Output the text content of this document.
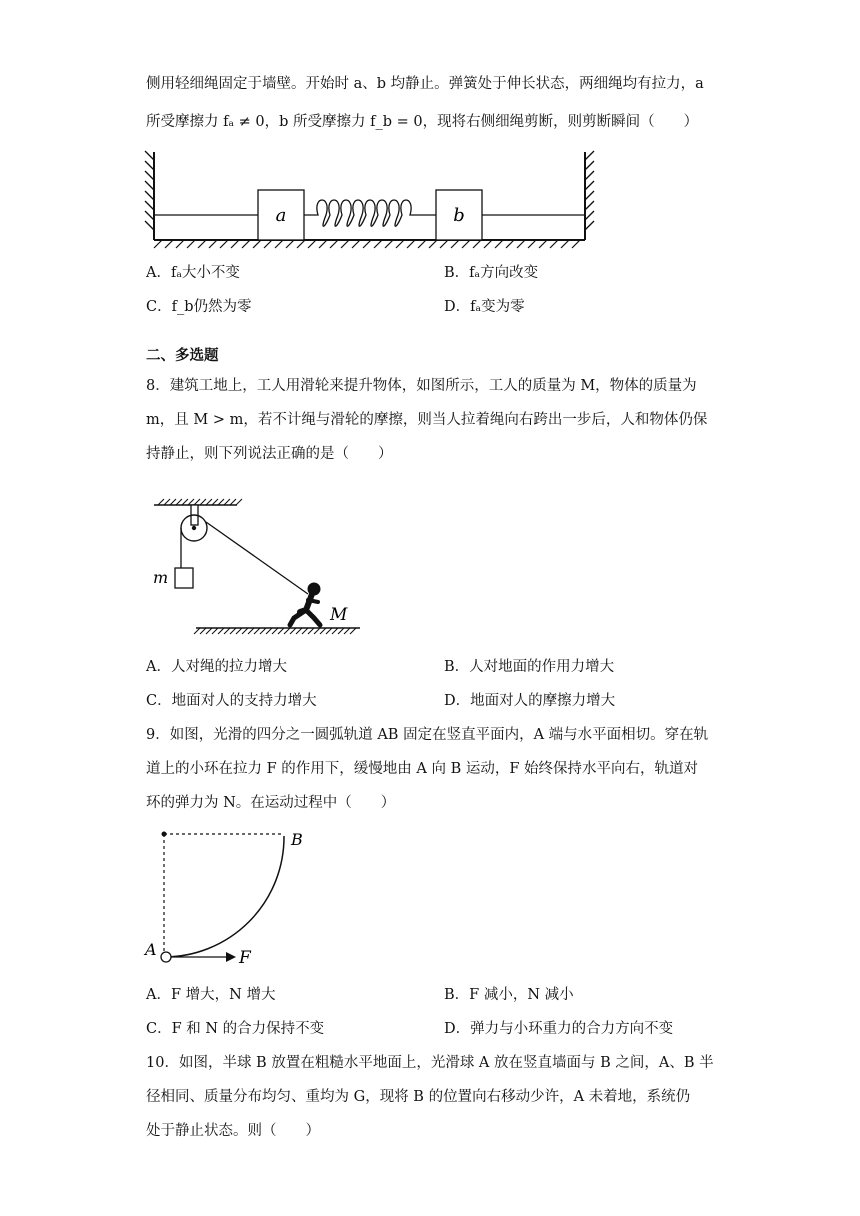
侧用轻细绳固定于墙壁。开始时 a、b 均静止。弹簧处于伸长状态，两细绳均有拉力，a
所受摩擦力 fₐ ≠ 0，b 所受摩擦力 f_b = 0，现将右侧细绳剪断，则剪断瞬间（　　）
a	b
A．fₐ大小不变	B．fₐ方向改变
C．f_b仍然为零	D．fₐ变为零
二、多选题
8．建筑工地上，工人用滑轮来提升物体，如图所示，工人的质量为 M，物体的质量为
m，且 M > m，若不计绳与滑轮的摩擦，则当人拉着绳向右跨出一步后，人和物体仍保
持静止，则下列说法正确的是（　　）
m
M
A．人对绳的拉力增大	B．人对地面的作用力增大
C．地面对人的支持力增大	D．地面对人的摩擦力增大
9．如图，光滑的四分之一圆弧轨道 AB 固定在竖直平面内，A 端与水平面相切。穿在轨
道上的小环在拉力 F 的作用下，缓慢地由 A 向 B 运动，F 始终保持水平向右，轨道对
环的弹力为 N。在运动过程中（　　）
F
A
B
A．F 增大，N 增大	B．F 减小，N 减小
C．F 和 N 的合力保持不变	D．弹力与小环重力的合力方向不变
10．如图，半球 B 放置在粗糙水平地面上，光滑球 A 放在竖直墙面与 B 之间，A、B 半
径相同、质量分布均匀、重均为 G，现将 B 的位置向右移动少许，A 未着地，系统仍
处于静止状态。则（　　）
